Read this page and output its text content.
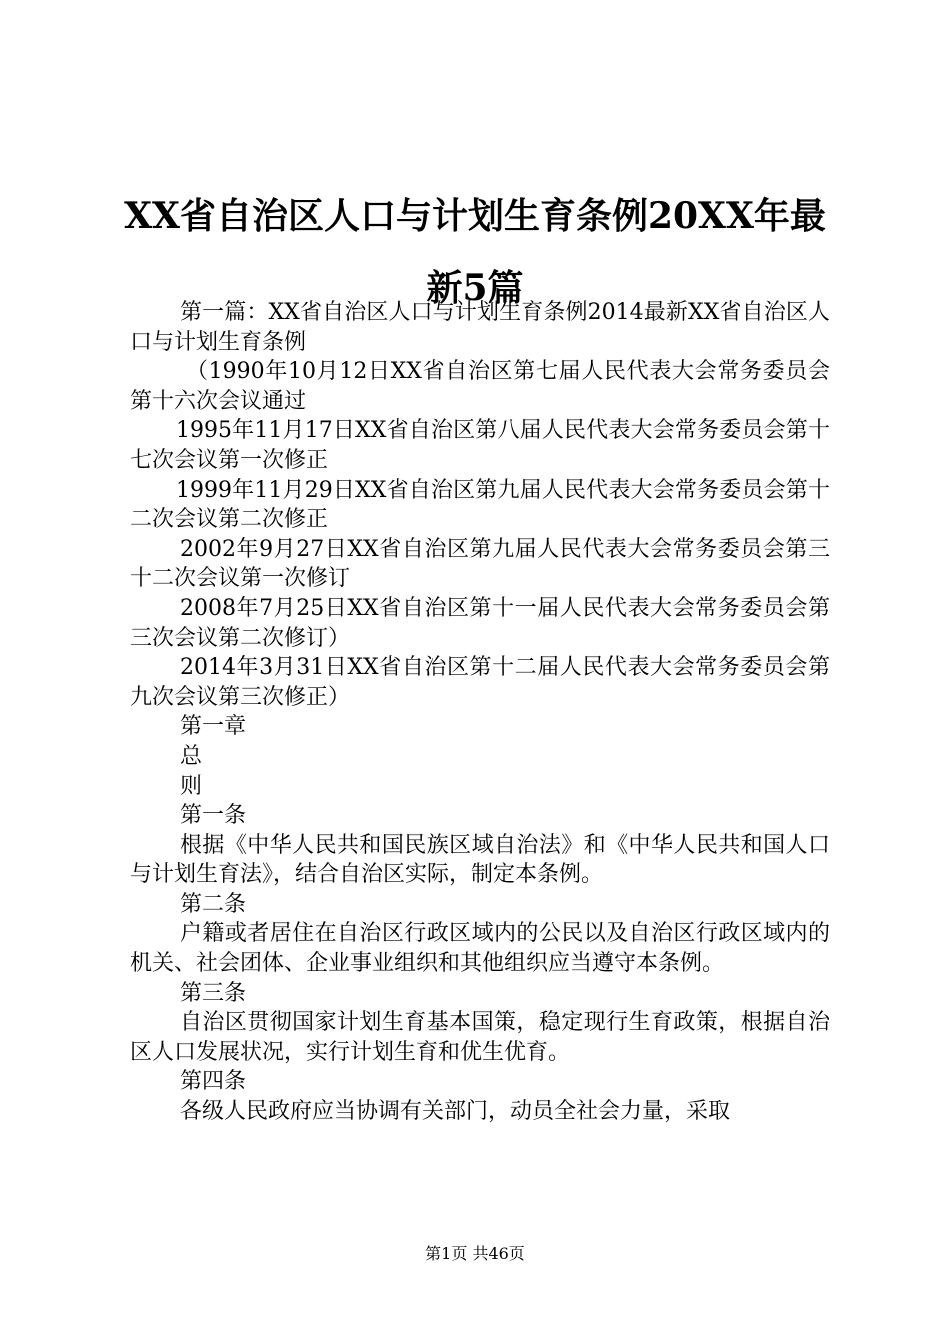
XX省自治区人口与计划生育条例20XX年最新5篇

第一篇：XX省自治区人口与计划生育条例2014最新XX省自治区人口与计划生育条例

（1990年10月12日XX省自治区第七届人民代表大会常务委员会第十六次会议通过

1995年11月17日XX省自治区第八届人民代表大会常务委员会第十七次会议第一次修正

1999年11月29日XX省自治区第九届人民代表大会常务委员会第十二次会议第二次修正

2002年9月27日XX省自治区第九届人民代表大会常务委员会第三十二次会议第一次修订

2008年7月25日XX省自治区第十一届人民代表大会常务委员会第三次会议第二次修订）

2014年3月31日XX省自治区第十二届人民代表大会常务委员会第九次会议第三次修正）

第一章

总

则

第一条

根据《中华人民共和国民族区域自治法》和《中华人民共和国人口与计划生育法》，结合自治区实际，制定本条例。

第二条

户籍或者居住在自治区行政区域内的公民以及自治区行政区域内的机关、社会团体、企业事业组织和其他组织应当遵守本条例。

第三条

自治区贯彻国家计划生育基本国策，稳定现行生育政策，根据自治区人口发展状况，实行计划生育和优生优育。

第四条

各级人民政府应当协调有关部门，动员全社会力量，采取

第1页 共46页
